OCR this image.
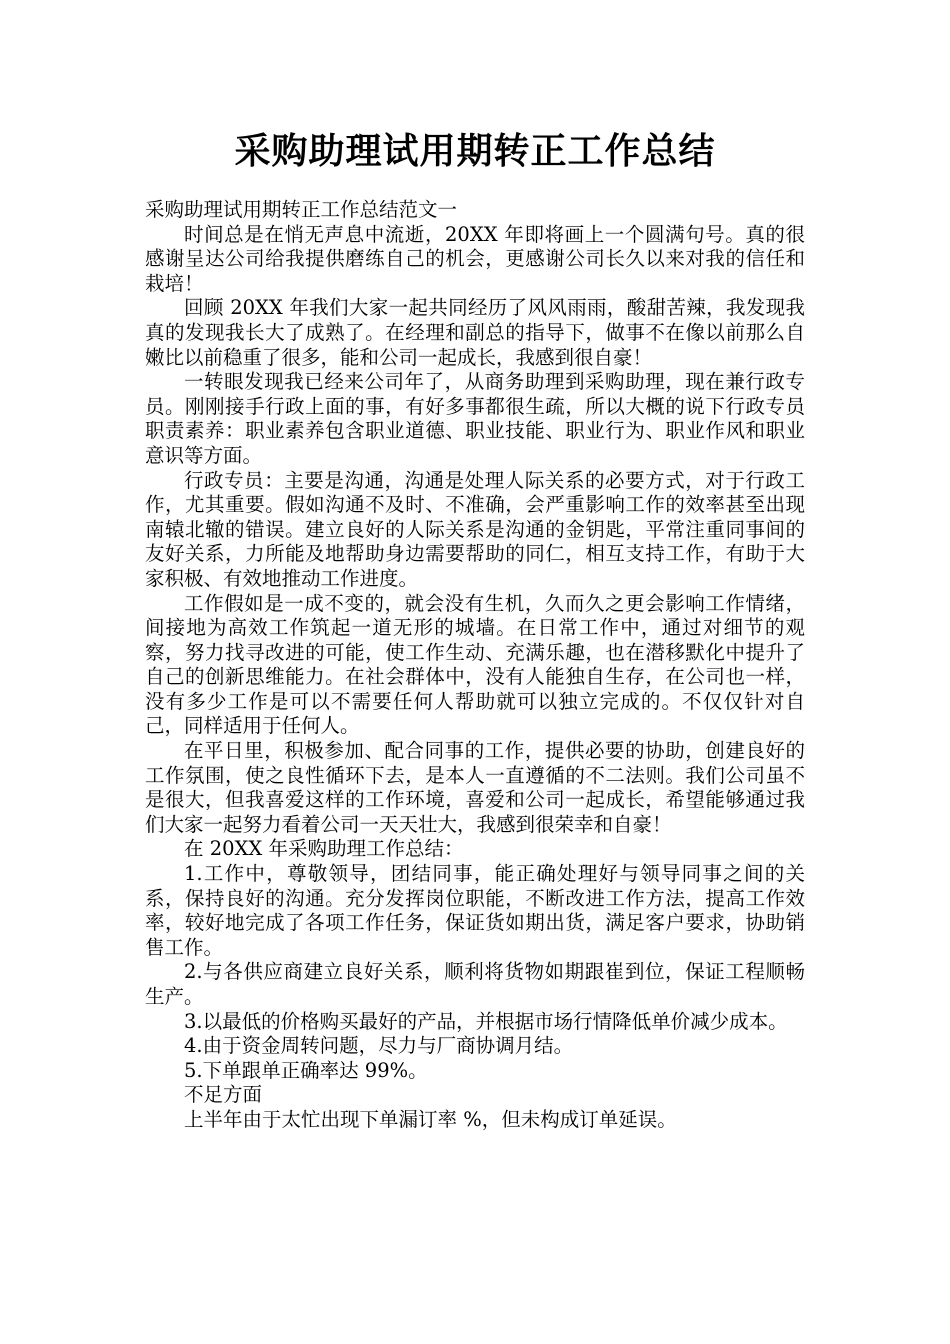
采购助理试用期转正工作总结

采购助理试用期转正工作总结范文一

时间总是在悄无声息中流逝，20XX 年即将画上一个圆满句号。真的很感谢呈达公司给我提供磨练自己的机会，更感谢公司长久以来对我的信任和栽培！

回顾 20XX 年我们大家一起共同经历了风风雨雨，酸甜苦辣，我发现我真的发现我长大了成熟了。在经理和副总的指导下，做事不在像以前那么自嫩比以前稳重了很多，能和公司一起成长，我感到很自豪！

一转眼发现我已经来公司年了，从商务助理到采购助理，现在兼行政专员。刚刚接手行政上面的事，有好多事都很生疏，所以大概的说下行政专员职责素养：职业素养包含职业道德、职业技能、职业行为、职业作风和职业意识等方面。

行政专员：主要是沟通，沟通是处理人际关系的必要方式，对于行政工作，尤其重要。假如沟通不及时、不准确，会严重影响工作的效率甚至出现南辕北辙的错误。建立良好的人际关系是沟通的金钥匙，平常注重同事间的友好关系，力所能及地帮助身边需要帮助的同仁，相互支持工作，有助于大家积极、有效地推动工作进度。

工作假如是一成不变的，就会没有生机，久而久之更会影响工作情绪，间接地为高效工作筑起一道无形的城墙。在日常工作中，通过对细节的观察，努力找寻改进的可能，使工作生动、充满乐趣，也在潜移默化中提升了自己的创新思维能力。在社会群体中，没有人能独自生存，在公司也一样，没有多少工作是可以不需要任何人帮助就可以独立完成的。不仅仅针对自己，同样适用于任何人。

在平日里，积极参加、配合同事的工作，提供必要的协助，创建良好的工作氛围，使之良性循环下去，是本人一直遵循的不二法则。我们公司虽不是很大，但我喜爱这样的工作环境，喜爱和公司一起成长，希望能够通过我们大家一起努力看着公司一天天壮大，我感到很荣幸和自豪！

在 20XX 年采购助理工作总结：

1.工作中，尊敬领导，团结同事，能正确处理好与领导同事之间的关系，保持良好的沟通。充分发挥岗位职能，不断改进工作方法，提高工作效率，较好地完成了各项工作任务，保证货如期出货，满足客户要求，协助销售工作。

2.与各供应商建立良好关系，顺利将货物如期跟崔到位，保证工程顺畅生产。

3.以最低的价格购买最好的产品，并根据市场行情降低单价减少成本。

4.由于资金周转问题，尽力与厂商协调月结。

5.下单跟单正确率达 99%。

不足方面

上半年由于太忙出现下单漏订率 %，但未构成订单延误。
